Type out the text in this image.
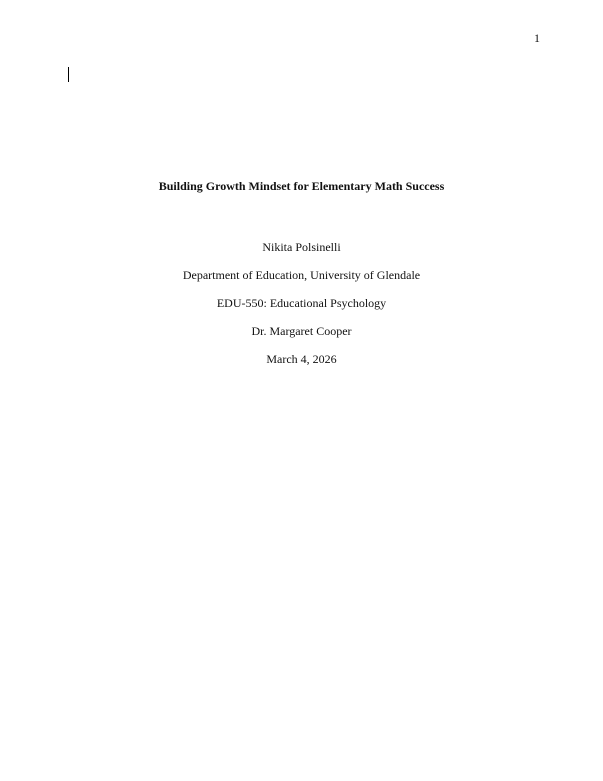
1
Building Growth Mindset for Elementary Math Success
Nikita Polsinelli
Department of Education, University of Glendale
EDU-550: Educational Psychology
Dr. Margaret Cooper
March 4, 2026
